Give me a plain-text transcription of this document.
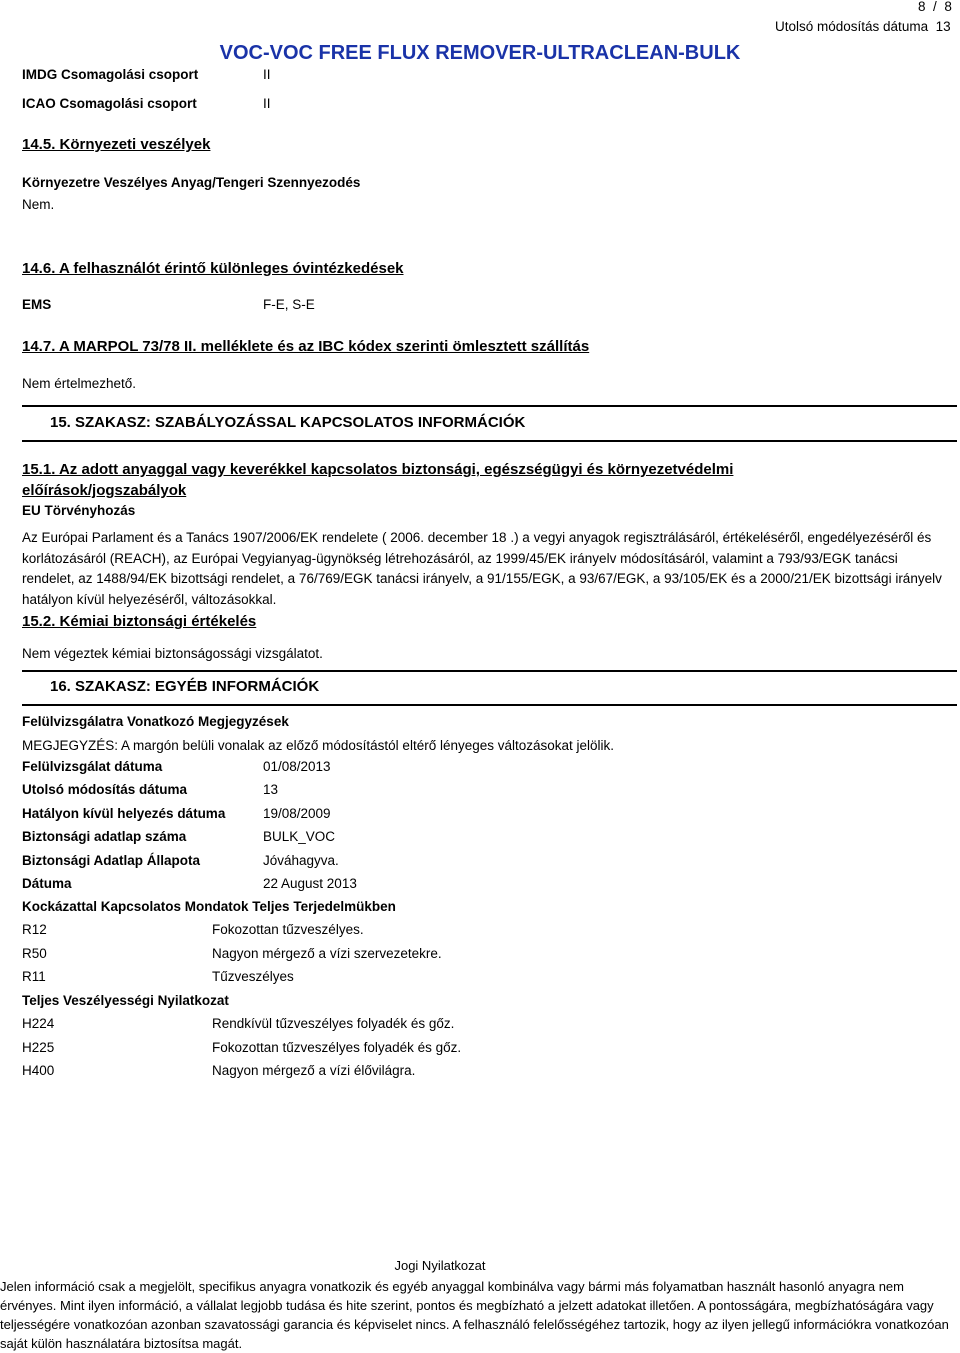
8 / 8
Utolsó módosítás dátuma 13
VOC-VOC FREE FLUX REMOVER-ULTRACLEAN-BULK
IMDG Csomagolási csoport	II
ICAO Csomagolási csoport	II
14.5. Környezeti veszélyek
Környezetre Veszélyes Anyag/Tengeri Szennyezodés
Nem.
14.6. A felhasználót érintő különleges óvintézkedések
EMS	F-E, S-E
14.7. A MARPOL 73/78 II. melléklete és az IBC kódex szerinti ömlesztett szállítás
Nem értelmezhető.
15. SZAKASZ: SZABÁLYOZÁSSAL KAPCSOLATOS INFORMÁCIÓK
15.1. Az adott anyaggal vagy keverékkel kapcsolatos biztonsági, egészségügyi és környezetvédelmi
előírások/jogszabályok
EU Törvényhozás
Az Európai Parlament és a Tanács 1907/2006/EK rendelete ( 2006. december 18 .) a vegyi anyagok regisztrálásáról, értékeléséről, engedélyezéséről és korlátozásáról (REACH), az Európai Vegyianyag-ügynökség létrehozásáról, az 1999/45/EK irányelv módosításáról, valamint a 793/93/EGK tanácsi rendelet, az 1488/94/EK bizottsági rendelet, a 76/769/EGK tanácsi irányelv, a 91/155/EGK, a 93/67/EGK, a 93/105/EK és a 2000/21/EK bizottsági irányelv hatályon kívül helyezéséről, változásokkal.
15.2. Kémiai biztonsági értékelés
Nem végeztek kémiai biztonságossági vizsgálatot.
16. SZAKASZ: EGYÉB INFORMÁCIÓK
Felülvizsgálatra Vonatkozó Megjegyzések
MEGJEGYZÉS: A margón belüli vonalak az előző módosítástól eltérő lényeges változásokat jelölik.
Felülvizsgálat dátuma	01/08/2013
Utolsó módosítás dátuma	13
Hatályon kívül helyezés dátuma	19/08/2009
Biztonsági adatlap száma	BULK_VOC
Biztonsági Adatlap Állapota	Jóváhagyva.
Dátuma	22 August 2013
Kockázattal Kapcsolatos Mondatok Teljes Terjedelmükben
R12	Fokozottan tűzveszélyes.
R50	Nagyon mérgező a vízi szervezetekre.
R11	Tűzveszélyes
Teljes Veszélyességi Nyilatkozat
H224	Rendkívül tűzveszélyes folyadék és gőz.
H225	Fokozottan tűzveszélyes folyadék és gőz.
H400	Nagyon mérgező a vízi élővilágra.
Jogi Nyilatkozat
Jelen információ csak a megjelölt, specifikus anyagra vonatkozik és egyéb anyaggal kombinálva vagy bármi más folyamatban használt hasonló anyagra nem érvényes. Mint ilyen információ, a vállalat legjobb tudása és hite szerint, pontos és megbízható a jelzett adatokat illetően. A pontosságára, megbízhatóságára vagy teljességére vonatkozóan azonban szavatossági garancia és képviselet nincs. A felhasználó felelősségéhez tartozik, hogy az ilyen jellegű információkra vonatkozóan saját külön használatára biztosítsa magát.
